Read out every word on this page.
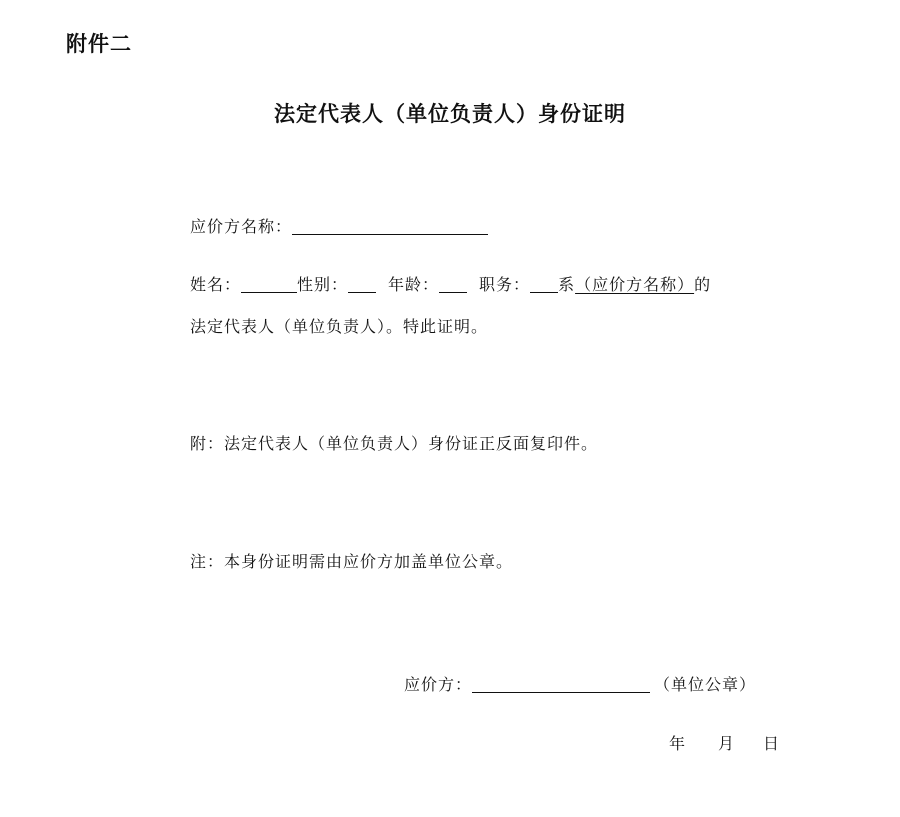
附件二
法定代表人（单位负责人）身份证明
应价方名称：
姓名：	性别：	年龄：	职务： 系（应价方名称）的
法定代表人（单位负责人）。特此证明。
附：法定代表人（单位负责人）身份证正反面复印件。
注：本身份证明需由应价方加盖单位公章。
应价方：	（单位公章）
年 月 日
